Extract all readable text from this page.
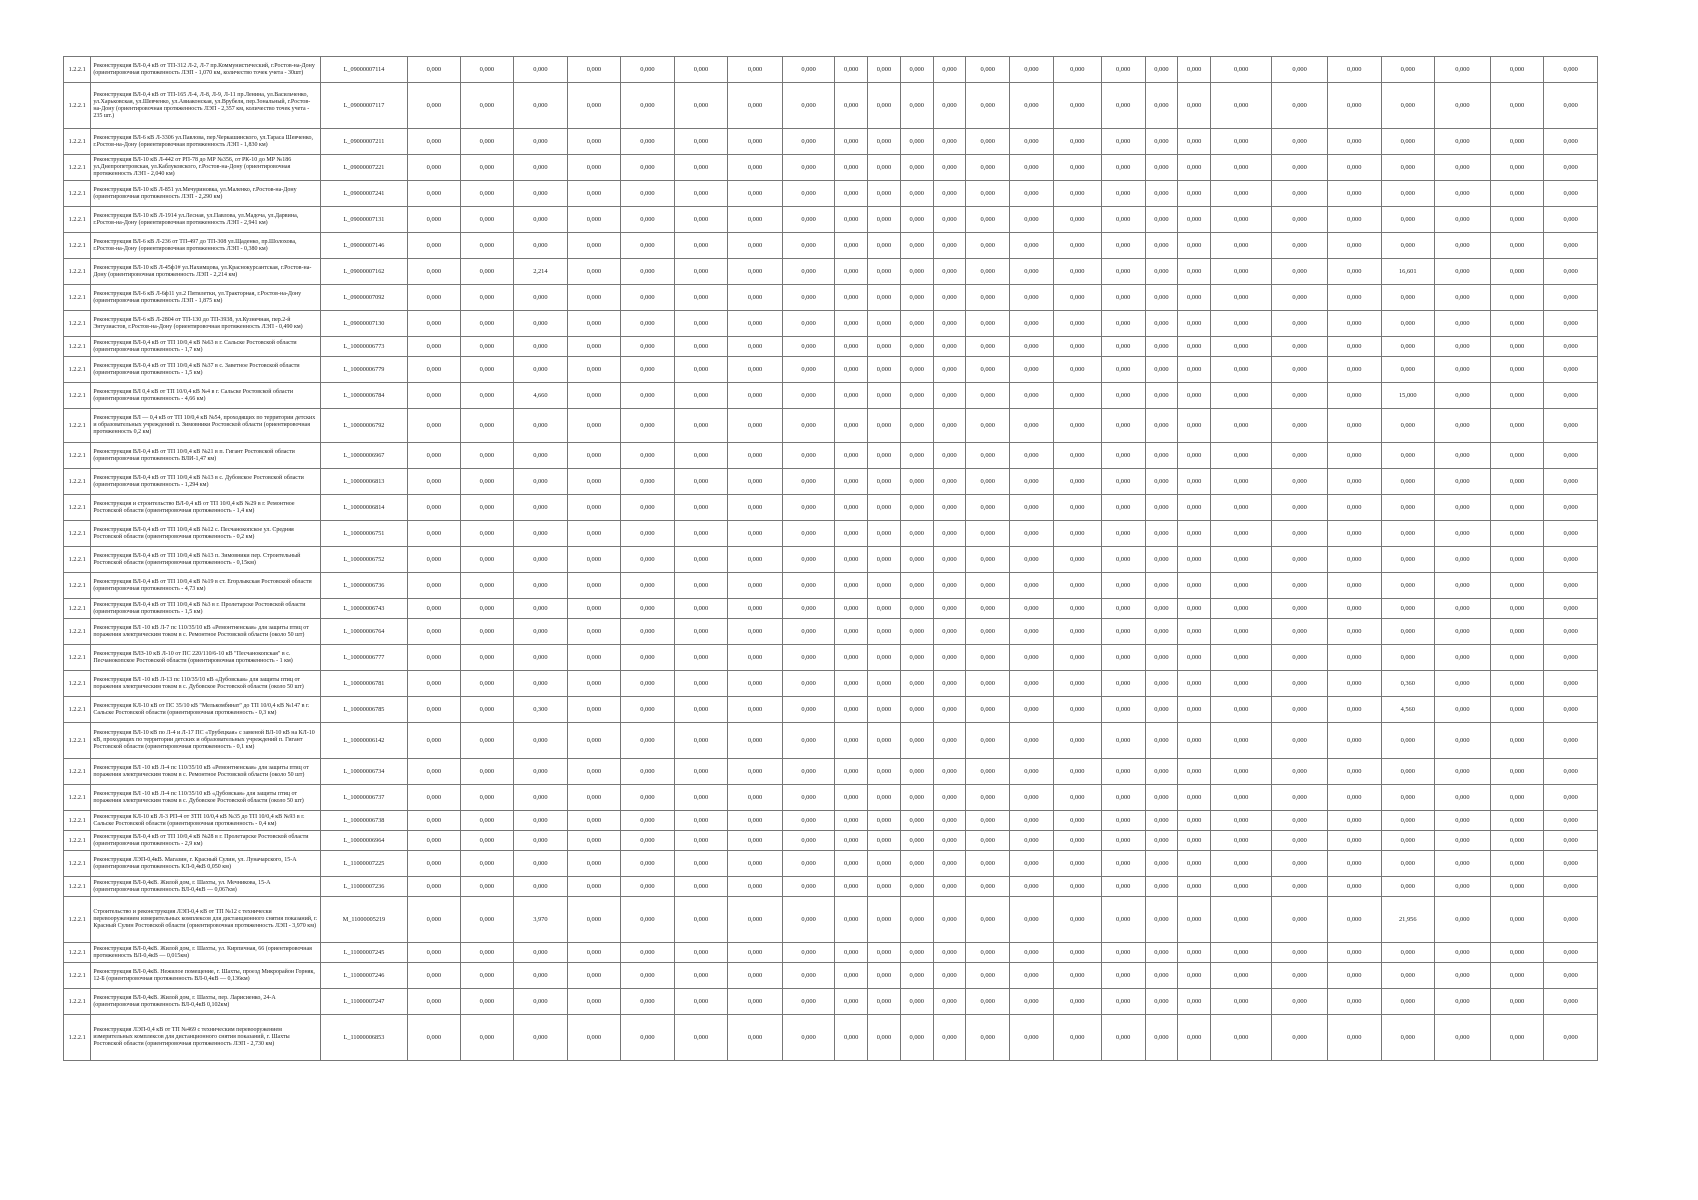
1.2.2.1	Реконструкция ВЛ-0,4 кВ от ТП-312 Л-2, Л-7 пр.Коммунистический, г.Ростов-на-Дону (ориентировочная протяженность ЛЭП - 1,070 км, количество точек учета - 30шт)	L_09000007114	0,000	0,000	0,000	0,000	0,000	0,000	0,000	0,000	0,000	0,000	0,000	0,000	0,000	0,000	0,000	0,000	0,000	0,000	0,000	0,000	0,000	0,000	0,000	0,000	0,000
1.2.2.1	Реконструкция ВЛ-0,4 кВ от ТП-165 Л-4, Л-8, Л-9, Л-11 пр.Ленина, ул.Васильченко, ул.Харьковская, ул.Шевченко, ул.Авиаконская, ул.Врубеля, пер.Зональный, г.Ростов-на-Дону (ориентировочная протяженность ЛЭП - 2,357 км, количество точек учета - 235 шт.)	L_09000007117	0,000	0,000	0,000	0,000	0,000	0,000	0,000	0,000	0,000	0,000	0,000	0,000	0,000	0,000	0,000	0,000	0,000	0,000	0,000	0,000	0,000	0,000	0,000	0,000	0,000
1.2.2.1	Реконструкция ВЛ-6 кВ Л-3306 ул.Павлова, пер.Черкашинского, ул.Тараса Шевченко, г.Ростов-на-Дону (ориентировочная протяженность ЛЭП - 1,830 км)	L_09000007211	0,000	0,000	0,000	0,000	0,000	0,000	0,000	0,000	0,000	0,000	0,000	0,000	0,000	0,000	0,000	0,000	0,000	0,000	0,000	0,000	0,000	0,000	0,000	0,000	0,000
1.2.2.1	Реконструкция ВЛ-10 кВ Л-442 от РП-78 до МР №356, от РК-10 до МР №186 ул.Днепропетровская, ул.Каблуковского, г.Ростов-на-Дону (ориентировочная протяженность ЛЭП - 2,040 км)	L_09000007221	0,000	0,000	0,000	0,000	0,000	0,000	0,000	0,000	0,000	0,000	0,000	0,000	0,000	0,000	0,000	0,000	0,000	0,000	0,000	0,000	0,000	0,000	0,000	0,000	0,000
1.2.2.1	Реконструкция ВЛ-10 кВ Л-851 ул.Мечуриновка, ул.Маленко, г.Ростов-на-Дону (ориентировочная протяженность ЛЭП - 2,290 км)	L_09000007241	0,000	0,000	0,000	0,000	0,000	0,000	0,000	0,000	0,000	0,000	0,000	0,000	0,000	0,000	0,000	0,000	0,000	0,000	0,000	0,000	0,000	0,000	0,000	0,000	0,000
1.2.2.1	Реконструкция ВЛ-10 кВ Л-1914 ул.Лесная, ул.Павлова, ул.Мадоча, ул.Дарвина, г.Ростов-на-Дону (ориентировочная протяженность ЛЭП - 2,941 км)	L_09000007131	0,000	0,000	0,000	0,000	0,000	0,000	0,000	0,000	0,000	0,000	0,000	0,000	0,000	0,000	0,000	0,000	0,000	0,000	0,000	0,000	0,000	0,000	0,000	0,000	0,000
1.2.2.1	Реконструкция ВЛ-6 кВ Л-236 от ТП-497 до ТП-308 ул.Щаденко, пр.Шолохова, г.Ростов-на-Дону (ориентировочная протяженность ЛЭП - 0,380 км)	L_09000007146	0,000	0,000	0,000	0,000	0,000	0,000	0,000	0,000	0,000	0,000	0,000	0,000	0,000	0,000	0,000	0,000	0,000	0,000	0,000	0,000	0,000	0,000	0,000	0,000	0,000
1.2.2.1	Реконструкция ВЛ-10 кВ Л-45ф1# ул.Нахимцова, ул.Краснокурсантская, г.Ростов-на-Дону (ориентировочная протяженность ЛЭП - 2,214 км)	L_09000007162	0,000	0,000	2,214	0,000	0,000	0,000	0,000	0,000	0,000	0,000	0,000	0,000	0,000	0,000	0,000	0,000	0,000	0,000	0,000	0,000	0,000	16,601	0,000	0,000	0,000
1.2.2.1	Реконструкция ВЛ-6 кВ Л-6ф11 ул.2 Пятилетки, ул.Тракторная, г.Ростов-на-Дону (ориентировочная протяженность ЛЭП - 1,875 км)	L_09000007092	0,000	0,000	0,000	0,000	0,000	0,000	0,000	0,000	0,000	0,000	0,000	0,000	0,000	0,000	0,000	0,000	0,000	0,000	0,000	0,000	0,000	0,000	0,000	0,000	0,000
1.2.2.1	Реконструкция ВЛ-6 кВ Л-2804 от ТП-130 до ТП-3938, ул.Кузнечная, пер.2-й Энтузиастов, г.Ростов-на-Дону (ориентировочная протяженность ЛЭП - 0,490 км)	L_09000007130	0,000	0,000	0,000	0,000	0,000	0,000	0,000	0,000	0,000	0,000	0,000	0,000	0,000	0,000	0,000	0,000	0,000	0,000	0,000	0,000	0,000	0,000	0,000	0,000	0,000
1.2.2.1	Реконструкция ВЛ-0,4 кВ от ТП 10/0,4 кВ №63 в г. Сальске Ростовской области (ориентировочная протяженность - 1,7 км)	L_10000006773	0,000	0,000	0,000	0,000	0,000	0,000	0,000	0,000	0,000	0,000	0,000	0,000	0,000	0,000	0,000	0,000	0,000	0,000	0,000	0,000	0,000	0,000	0,000	0,000	0,000
1.2.2.1	Реконструкция ВЛ-0,4 кВ от ТП 10/0,4 кВ №37 в с. Заветное Ростовской области (ориентировочная протяженность - 1,5 км)	L_10000006779	0,000	0,000	0,000	0,000	0,000	0,000	0,000	0,000	0,000	0,000	0,000	0,000	0,000	0,000	0,000	0,000	0,000	0,000	0,000	0,000	0,000	0,000	0,000	0,000	0,000
1.2.2.1	Реконструкция ВЛ 0,4 кВ от ТП 10/0,4 кВ №4 в г. Сальске Ростовской области (ориентировочная протяженность - 4,66 км)	L_10000006784	0,000	0,000	4,660	0,000	0,000	0,000	0,000	0,000	0,000	0,000	0,000	0,000	0,000	0,000	0,000	0,000	0,000	0,000	0,000	0,000	0,000	15,000	0,000	0,000	0,000
1.2.2.1	Реконструкция ВЛ — 0,4 кВ от ТП 10/0,4 кВ №54, проходящих по территории детских и образовательных учреждений п. Зимовники Ростовской области (ориентировочная протяженность 0,2 км)	L_10000006792	0,000	0,000	0,000	0,000	0,000	0,000	0,000	0,000	0,000	0,000	0,000	0,000	0,000	0,000	0,000	0,000	0,000	0,000	0,000	0,000	0,000	0,000	0,000	0,000	0,000
1.2.2.1	Реконструкция ВЛ-0,4 кВ от ТП 10/0,4 кВ №21 в п. Гигант Ростовской области (ориентировочная протяженность ВЛИ-1,47 км)	L_10000006967	0,000	0,000	0,000	0,000	0,000	0,000	0,000	0,000	0,000	0,000	0,000	0,000	0,000	0,000	0,000	0,000	0,000	0,000	0,000	0,000	0,000	0,000	0,000	0,000	0,000
1.2.2.1	Реконструкция ВЛ-0,4 кВ от ТП 10/0,4 кВ №13 в с. Дубовское Ростовской области (ориентировочная протяженность - 1,294 км)	L_10000006813	0,000	0,000	0,000	0,000	0,000	0,000	0,000	0,000	0,000	0,000	0,000	0,000	0,000	0,000	0,000	0,000	0,000	0,000	0,000	0,000	0,000	0,000	0,000	0,000	0,000
1.2.2.1	Реконструкция и строительство ВЛ-0,4 кВ от ТП 10/0,4 кВ №29 в г. Ремонтное Ростовской области (ориентировочная протяженность - 1,4 км)	L_10000006814	0,000	0,000	0,000	0,000	0,000	0,000	0,000	0,000	0,000	0,000	0,000	0,000	0,000	0,000	0,000	0,000	0,000	0,000	0,000	0,000	0,000	0,000	0,000	0,000	0,000
1.2.2.1	Реконструкция ВЛ-0,4 кВ от ТП 10/0,4 кВ №12 с. Песчанокопское ул. Средняя Ростовской области (ориентировочная протяженность - 0,2 км)	L_10000006751	0,000	0,000	0,000	0,000	0,000	0,000	0,000	0,000	0,000	0,000	0,000	0,000	0,000	0,000	0,000	0,000	0,000	0,000	0,000	0,000	0,000	0,000	0,000	0,000	0,000
1.2.2.1	Реконструкция ВЛ-0,4 кВ от ТП 10/0,4 кВ №13 п. Зимовники пер. Строительный Ростовской области (ориентировочная протяженность - 0,15км)	L_10000006752	0,000	0,000	0,000	0,000	0,000	0,000	0,000	0,000	0,000	0,000	0,000	0,000	0,000	0,000	0,000	0,000	0,000	0,000	0,000	0,000	0,000	0,000	0,000	0,000	0,000
1.2.2.1	Реконструкция ВЛ-0,4 кВ от ТП 10/0,4 кВ №19 в ст. Егорлыкская Ростовской области (ориентировочная протяженность - 4,73 км)	L_10000006736	0,000	0,000	0,000	0,000	0,000	0,000	0,000	0,000	0,000	0,000	0,000	0,000	0,000	0,000	0,000	0,000	0,000	0,000	0,000	0,000	0,000	0,000	0,000	0,000	0,000
1.2.2.1	Реконструкция ВЛ-0,4 кВ от ТП 10/0,4 кВ №3 в г. Пролетарске Ростовской области (ориентировочная протяженность - 1,5 км)	L_10000006743	0,000	0,000	0,000	0,000	0,000	0,000	0,000	0,000	0,000	0,000	0,000	0,000	0,000	0,000	0,000	0,000	0,000	0,000	0,000	0,000	0,000	0,000	0,000	0,000	0,000
1.2.2.1	Реконструкция ВЛ -10 кВ Л-7 пс 110/35/10 кВ «Ремонтненская» для защиты птиц от поражения электрическим током в с. Ремонтное Ростовской области (около 50 шт)	L_10000006764	0,000	0,000	0,000	0,000	0,000	0,000	0,000	0,000	0,000	0,000	0,000	0,000	0,000	0,000	0,000	0,000	0,000	0,000	0,000	0,000	0,000	0,000	0,000	0,000	0,000
1.2.2.1	Реконструкция ВЛЗ-10 кВ Л-10 от ПС 220/110/6-10 кВ "Песчанокопская" в с. Песчанокопское Ростовской области (ориентировочная протяженность - 1 км)	L_10000006777	0,000	0,000	0,000	0,000	0,000	0,000	0,000	0,000	0,000	0,000	0,000	0,000	0,000	0,000	0,000	0,000	0,000	0,000	0,000	0,000	0,000	0,000	0,000	0,000	0,000
1.2.2.1	Реконструкция ВЛ -10 кВ Л-13 пс 110/35/10 кВ «Дубовская» для защиты птиц от поражения электрическим током в с. Дубовское Ростовской области (около 50 шт)	L_10000006781	0,000	0,000	0,000	0,000	0,000	0,000	0,000	0,000	0,000	0,000	0,000	0,000	0,000	0,000	0,000	0,000	0,000	0,000	0,000	0,000	0,000	0,360	0,000	0,000	0,000
1.2.2.1	Реконструкция КЛ-10 кВ от ПС 35/10 кВ "Мелькомбинат" до ТП 10/0,4 кВ №147 в г. Сальске Ростовской области (ориентировочная протяженность - 0,3 км)	L_10000006785	0,000	0,000	0,300	0,000	0,000	0,000	0,000	0,000	0,000	0,000	0,000	0,000	0,000	0,000	0,000	0,000	0,000	0,000	0,000	0,000	0,000	4,560	0,000	0,000	0,000
1.2.2.1	Реконструкция ВЛ-10 кВ по Л-4 и Л-17 ПС «Трубецкая» с заменой ВЛ-10 кВ на КЛ-10 кВ, проходящих по территории детских и образовательных учреждений п. Гигант Ростовской области (ориентировочная протяженность - 0,1 км)	L_10000006142	0,000	0,000	0,000	0,000	0,000	0,000	0,000	0,000	0,000	0,000	0,000	0,000	0,000	0,000	0,000	0,000	0,000	0,000	0,000	0,000	0,000	0,000	0,000	0,000	0,000
1.2.2.1	Реконструкция ВЛ -10 кВ Л-4 пс 110/35/10 кВ «Ремонтненская» для защиты птиц от поражения электрическим током в с. Ремонтное Ростовской области (около 50 шт)	L_10000006734	0,000	0,000	0,000	0,000	0,000	0,000	0,000	0,000	0,000	0,000	0,000	0,000	0,000	0,000	0,000	0,000	0,000	0,000	0,000	0,000	0,000	0,000	0,000	0,000	0,000
1.2.2.1	Реконструкция ВЛ -10 кВ Л-4 пс 110/35/10 кВ «Дубовская» для защиты птиц от поражения электрическим током в с. Дубовское Ростовской области (около 50 шт)	L_10000006737	0,000	0,000	0,000	0,000	0,000	0,000	0,000	0,000	0,000	0,000	0,000	0,000	0,000	0,000	0,000	0,000	0,000	0,000	0,000	0,000	0,000	0,000	0,000	0,000	0,000
1.2.2.1	Реконструкция КЛ-10 кВ Л-3 РП-4 от ЗТП 10/0,4 кВ №35 до ТП 10/0,4 кВ №93 в г. Сальске Ростовской области (ориентировочная протяженность - 0,4 км)	L_10000006738	0,000	0,000	0,000	0,000	0,000	0,000	0,000	0,000	0,000	0,000	0,000	0,000	0,000	0,000	0,000	0,000	0,000	0,000	0,000	0,000	0,000	0,000	0,000	0,000	0,000
1.2.2.1	Реконструкция ВЛ-0,4 кВ от ТП 10/0,4 кВ №28 в г. Пролетарске Ростовской области (ориентировочная протяженность - 2,9 км)	L_10000006964	0,000	0,000	0,000	0,000	0,000	0,000	0,000	0,000	0,000	0,000	0,000	0,000	0,000	0,000	0,000	0,000	0,000	0,000	0,000	0,000	0,000	0,000	0,000	0,000	0,000
1.2.2.1	Реконструкция ЛЭП-0,4кВ. Магазин, г. Красный Сулин, ул. Луначарского, 15-А (ориентировочная протяженность КЛ-0,4кВ 0,050 км)	L_11000007225	0,000	0,000	0,000	0,000	0,000	0,000	0,000	0,000	0,000	0,000	0,000	0,000	0,000	0,000	0,000	0,000	0,000	0,000	0,000	0,000	0,000	0,000	0,000	0,000	0,000
1.2.2.1	Реконструкция ВЛ-0,4кВ. Жилой дом, г. Шахты, ул. Мечникова, 15-А (ориентировочная протяженность ВЛ-0,4кВ — 0,067км)	L_11000007236	0,000	0,000	0,000	0,000	0,000	0,000	0,000	0,000	0,000	0,000	0,000	0,000	0,000	0,000	0,000	0,000	0,000	0,000	0,000	0,000	0,000	0,000	0,000	0,000	0,000
1.2.2.1	Строительство и реконструкция ЛЭП-0,4 кВ от ТП №12 с технически перевооружением измерительных комплексов для дистанционного снятия показаний, г. Красный Сулин Ростовской области (ориентировочная протяженность ЛЭП - 3,970 км)	M_11000005219	0,000	0,000	3,970	0,000	0,000	0,000	0,000	0,000	0,000	0,000	0,000	0,000	0,000	0,000	0,000	0,000	0,000	0,000	0,000	0,000	0,000	21,956	0,000	0,000	0,000
1.2.2.1	Реконструкция ВЛ-0,4кВ. Жилой дом, г. Шахты, ул. Кирпичная, 66 (ориентировочная протяженность ВЛ-0,4кВ — 0,015км)	L_11000007245	0,000	0,000	0,000	0,000	0,000	0,000	0,000	0,000	0,000	0,000	0,000	0,000	0,000	0,000	0,000	0,000	0,000	0,000	0,000	0,000	0,000	0,000	0,000	0,000	0,000
1.2.2.1	Реконструкция ВЛ-0,4кВ. Нежилое помещение, г. Шахты, проезд Микрорайон Горняк, 12-Б (ориентировочная протяженность ВЛ-0,4кВ — 0,136км)	L_11000007246	0,000	0,000	0,000	0,000	0,000	0,000	0,000	0,000	0,000	0,000	0,000	0,000	0,000	0,000	0,000	0,000	0,000	0,000	0,000	0,000	0,000	0,000	0,000	0,000	0,000
1.2.2.1	Реконструкция ВЛ-0,4кВ. Жилой дом, г. Шахты, пер. Ларисиенко, 24-А (ориентировочная протяженность ВЛ-0,4кВ 0,102км)	L_11000007247	0,000	0,000	0,000	0,000	0,000	0,000	0,000	0,000	0,000	0,000	0,000	0,000	0,000	0,000	0,000	0,000	0,000	0,000	0,000	0,000	0,000	0,000	0,000	0,000	0,000
1.2.2.1	Реконструкция ЛЭП-0,4 кВ от ТП №469 с техническим перевооружением измерительных комплексов для дистанционного снятия показаний, г. Шахты Ростовской области (ориентировочная протяженность ЛЭП - 2,730 км)	L_11000006853	0,000	0,000	0,000	0,000	0,000	0,000	0,000	0,000	0,000	0,000	0,000	0,000	0,000	0,000	0,000	0,000	0,000	0,000	0,000	0,000	0,000	0,000	0,000	0,000	0,000
